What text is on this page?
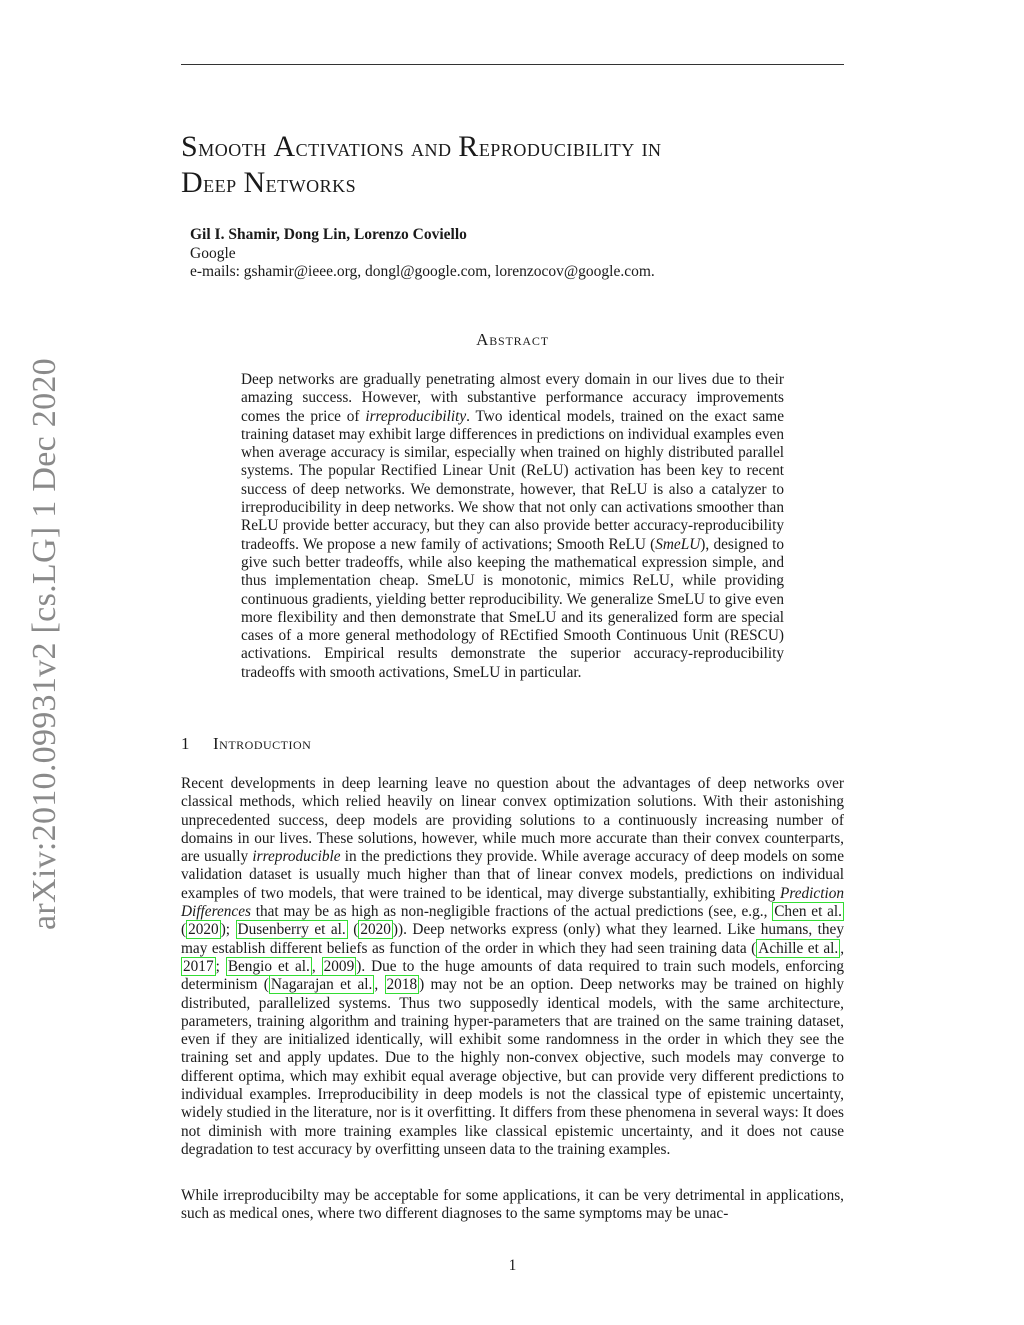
arXiv:2010.09931v2 [cs.LG] 1 Dec 2020
Smooth Activations and Reproducibility in
Deep Networks
Gil I. Shamir, Dong Lin, Lorenzo Coviello
Google
e-mails: gshamir@ieee.org, dongl@google.com, lorenzocov@google.com.
Abstract
Deep networks are gradually penetrating almost every domain in our lives due to their amazing success. However, with substantive performance accuracy improvements comes the price of irreproducibility. Two identical models, trained on the exact same training dataset may exhibit large differences in predictions on individual examples even when average accuracy is similar, especially when trained on highly distributed parallel systems. The popular Rectified Linear Unit (ReLU) activation has been key to recent success of deep networks. We demonstrate, however, that ReLU is also a catalyzer to irreproducibility in deep networks. We show that not only can activations smoother than ReLU provide better accuracy, but they can also provide better accuracy-reproducibility tradeoffs. We propose a new family of activations; Smooth ReLU (SmeLU), designed to give such better tradeoffs, while also keeping the mathematical expression simple, and thus implementation cheap. SmeLU is monotonic, mimics ReLU, while providing continuous gradients, yielding better reproducibility. We generalize SmeLU to give even more flexibility and then demonstrate that SmeLU and its generalized form are special cases of a more general methodology of REctified Smooth Continuous Unit (RESCU) activations. Empirical results demonstrate the superior accuracy-reproducibility tradeoffs with smooth activations, SmeLU in particular.
1 Introduction
Recent developments in deep learning leave no question about the advantages of deep networks over classical methods, which relied heavily on linear convex optimization solutions. With their astonishing unprecedented success, deep models are providing solutions to a continuously increasing number of domains in our lives. These solutions, however, while much more accurate than their convex counterparts, are usually irreproducible in the predictions they provide. While average accuracy of deep models on some validation dataset is usually much higher than that of linear convex models, predictions on individual examples of two models, that were trained to be identical, may diverge substantially, exhibiting Prediction Differences that may be as high as non-negligible fractions of the actual predictions (see, e.g., Chen et al. ( 2020 ); Dusenberry et al. ( 2020 )). Deep networks express (only) what they learned. Like humans, they may establish different beliefs as function of the order in which they had seen training data ( Achille et al. , 2017 ; Bengio et al. , 2009 ). Due to the huge amounts of data required to train such models, enforcing determinism ( Nagarajan et al. , 2018 ) may not be an option. Deep networks may be trained on highly distributed, parallelized systems. Thus two supposedly identical models, with the same architecture, parameters, training algorithm and training hyper-parameters that are trained on the same training dataset, even if they are initialized identically, will exhibit some randomness in the order in which they see the training set and apply updates. Due to the highly non-convex objective, such models may converge to different optima, which may exhibit equal average objective, but can provide very different predictions to individual examples. Irreproducibility in deep models is not the classical type of epistemic uncertainty, widely studied in the literature, nor is it overfitting. It differs from these phenomena in several ways: It does not diminish with more training examples like classical epistemic uncertainty, and it does not cause degradation to test accuracy by overfitting unseen data to the training examples.
While irreproducibilty may be acceptable for some applications, it can be very detrimental in applications, such as medical ones, where two different diagnoses to the same symptoms may be unac-
1
